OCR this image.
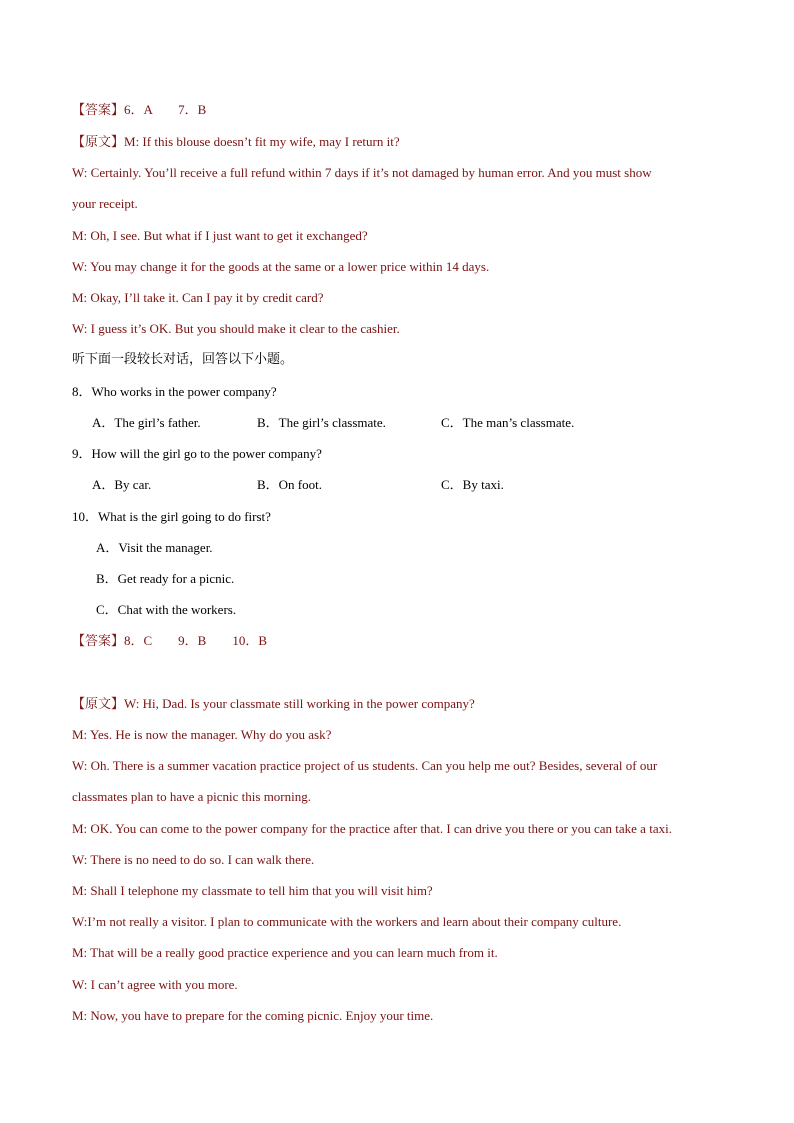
【答案】6．A　　7．B
【原文】M: If this blouse doesn’t fit my wife, may I return it?
W: Certainly. You’ll receive a full refund within 7 days if it’s not damaged by human error. And you must show
your receipt.
M: Oh, I see. But what if I just want to get it exchanged?
W: You may change it for the goods at the same or a lower price within 14 days.
M: Okay, I’ll take it. Can I pay it by credit card?
W: I guess it’s OK. But you should make it clear to the cashier.
听下面一段较长对话，回答以下小题。
8．Who works in the power company?
A．The girl’s father.	B．The girl’s classmate.	C．The man’s classmate.
9．How will the girl go to the power company?
A．By car.	B．On foot.	C．By taxi.
10．What is the girl going to do first?
A．Visit the manager.
B．Get ready for a picnic.
C．Chat with the workers.
【答案】8．C　　9．B　　10．B
【原文】W: Hi, Dad. Is your classmate still working in the power company?
M: Yes. He is now the manager. Why do you ask?
W: Oh. There is a summer vacation practice project of us students. Can you help me out? Besides, several of our
classmates plan to have a picnic this morning.
M: OK. You can come to the power company for the practice after that. I can drive you there or you can take a taxi.
W: There is no need to do so. I can walk there.
M: Shall I telephone my classmate to tell him that you will visit him?
W:I’m not really a visitor. I plan to communicate with the workers and learn about their company culture.
M: That will be a really good practice experience and you can learn much from it.
W: I can’t agree with you more.
M: Now, you have to prepare for the coming picnic. Enjoy your time.
